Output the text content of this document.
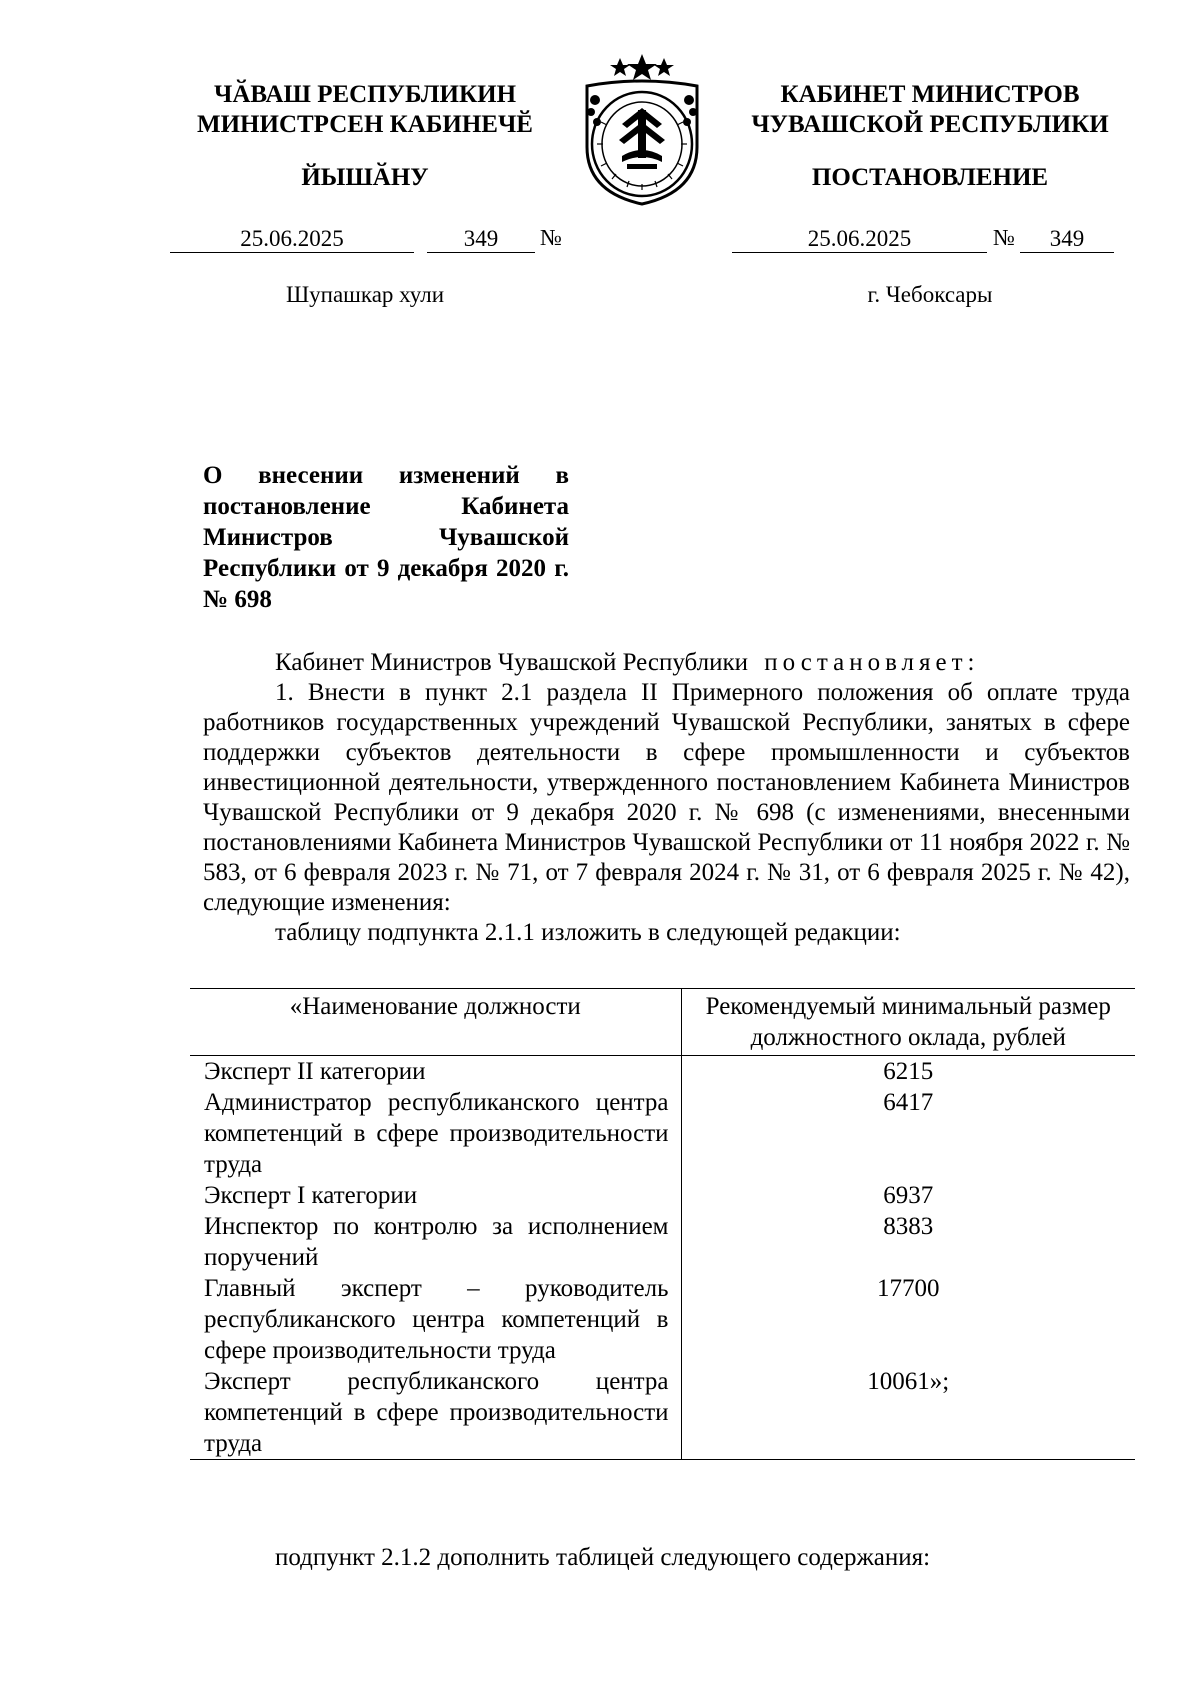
ЧӐВАШ РЕСПУБЛИКИН
МИНИСТРСЕН КАБИНЕЧӖ
ЙЫШӐНУ
КАБИНЕТ МИНИСТРОВ
ЧУВАШСКОЙ РЕСПУБЛИКИ
ПОСТАНОВЛЕНИЕ
25.06.2025	349	№	25.06.2025	№	349
Шупашкар хули	г. Чебоксары
О внесении изменений в постановление Кабинета Министров Чувашской Республики от 9 декабря 2020 г. № 698

Кабинет Министров Чувашской Республики постановляет:

1. Внести в пункт 2.1 раздела II Примерного положения об оплате труда работников государственных учреждений Чувашской Республики, занятых в сфере поддержки субъектов деятельности в сфере промышленности и субъектов инвестиционной деятельности, утвержденного постановлением Кабинета Министров Чувашской Республики от 9 декабря 2020 г. № 698 (с изменениями, внесенными постановлениями Кабинета Министров Чувашской Республики от 11 ноября 2022 г. № 583, от 6 февраля 2023 г. № 71, от 7 февраля 2024 г. № 31, от 6 февраля 2025 г. № 42), следующие изменения:

таблицу подпункта 2.1.1 изложить в следующей редакции:

«Наименование должности	Рекомендуемый минимальный размер должностного оклада, рублей
Эксперт II категории	6215
Администратор республиканского центра компетенций в сфере производительности труда	6417
Эксперт I категории	6937
Инспектор по контролю за исполнением поручений	8383
Главный эксперт – руководитель республиканского центра компетенций в сфере производительности труда	17700
Эксперт республиканского центра компетенций в сфере производительности труда	10061»;

подпункт 2.1.2 дополнить таблицей следующего содержания:
